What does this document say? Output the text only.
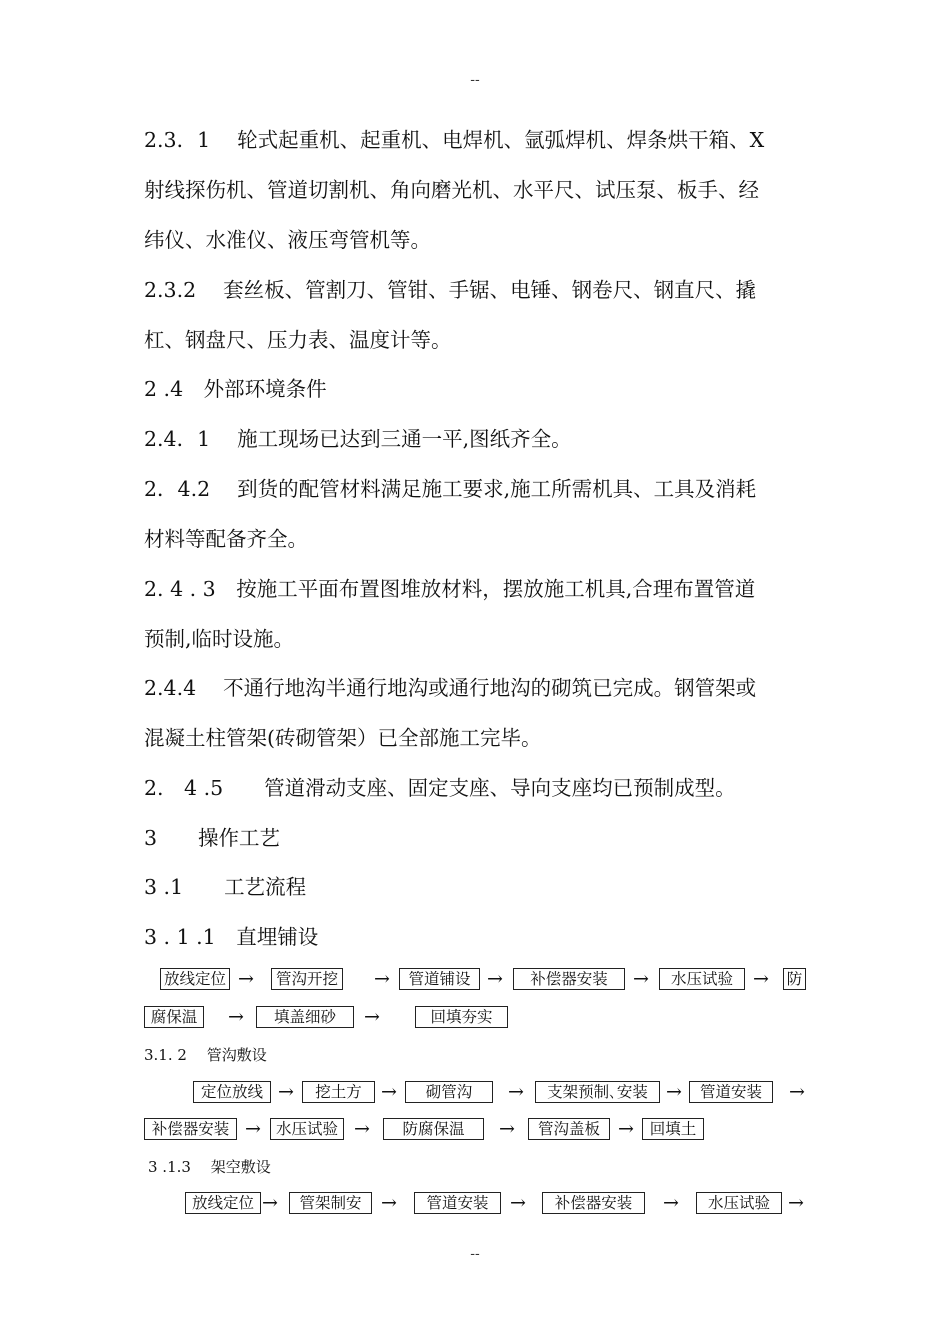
--
2.3．1　 轮式起重机、起重机、电焊机、氩弧焊机、焊条烘干箱、X
射线探伤机、管道切割机、角向磨光机、水平尺、试压泵、板手、经
纬仪、水准仪、液压弯管机等。
2.3.2　 套丝板、管割刀、管钳、手锯、电锤、钢卷尺、钢直尺、撬
杠、钢盘尺、压力表、温度计等。
2 .4　外部环境条件
2.4．1　 施工现场已达到三通一平,图纸齐全。
2．4.2　 到货的配管材料满足施工要求,施工所需机具、工具及消耗
材料等配备齐全。
2. 4 . 3　按施工平面布置图堆放材料，摆放施工机具,合理布置管道
预制,临时设施。
2.4.4　 不通行地沟半通行地沟或通行地沟的砌筑已完成。钢管架或
混凝土柱管架(砖砌管架）已全部施工完毕。
2.　4 .5　　管道滑动支座、固定支座、导向支座均已预制成型。
3　　操作工艺
3 .1　　工艺流程
3 . 1 .1　直埋铺设
放线定位 →	管沟开挖 →	管道铺设 →	补偿器安装	→	水压试验	→ 防
腐保温	→	填盖细砂	→	回填夯实
3.1. 2　 管沟敷设
定位放线 →	挖土方	→	砌管沟	→	支架预制､安装 →	管道安装	→
补偿器安装 → 水压试验 →	防腐保温	→	管沟盖板 →	回填土
3 .1.3　 架空敷设
放线定位 →	管架制安	→	管道安装	→	补偿器安装	→	水压试验 →
--
